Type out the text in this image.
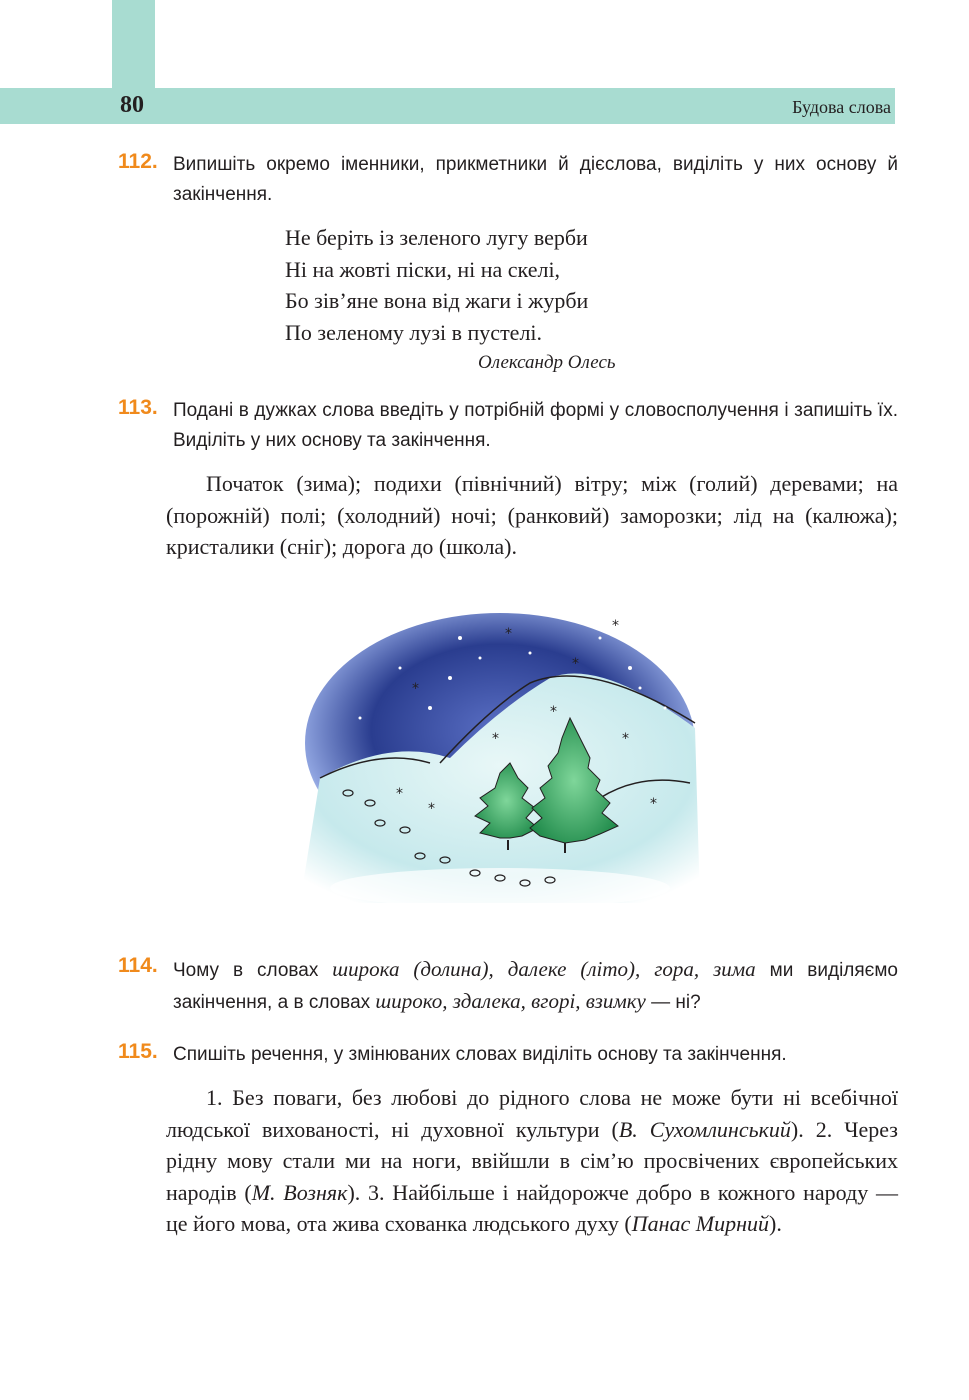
80	Будова слова
112. Випишіть окремо іменники, прикметники й дієслова, виділіть у них основу й закінчення.
Не беріть із зеленого лугу верби
Ні на жовті піски, ні на скелі,
Бо зів’яне вона від жаги і журби
По зеленому лузі в пустелі.
Олександр Олесь
113. Подані в дужках слова введіть у потрібній формі у словосполучення і запишіть їх. Виділіть у них основу та закінчення.
Початок (зима); подихи (північний) вітру; між (голий) деревами; на (порожній) полі; (холодний) ночі; (ранковий) заморозки; лід на (калюжа); кристалики (сніг); дорога до (школа).
*	*
*
*
*
*	*
*	*
*
114. Чому в словах широка (долина), далеке (літо), гора, зима ми виділяємо закінчення, а в словах широко, здалека, вгорі, взимку — ні?
115. Спишіть речення, у змінюваних словах виділіть основу та закінчення.
1. Без поваги, без любові до рідного слова не може бути ні всебічної людської вихованості, ні духовної культури (В. Сухомлинський). 2. Через рідну мову стали ми на ноги, ввійшли в сім’ю просвічених європейських народів (М. Возняк). 3. Найбільше і найдорожче добро в кожного народу — це його мова, ота жива схованка людського духу (Панас Мирний).
